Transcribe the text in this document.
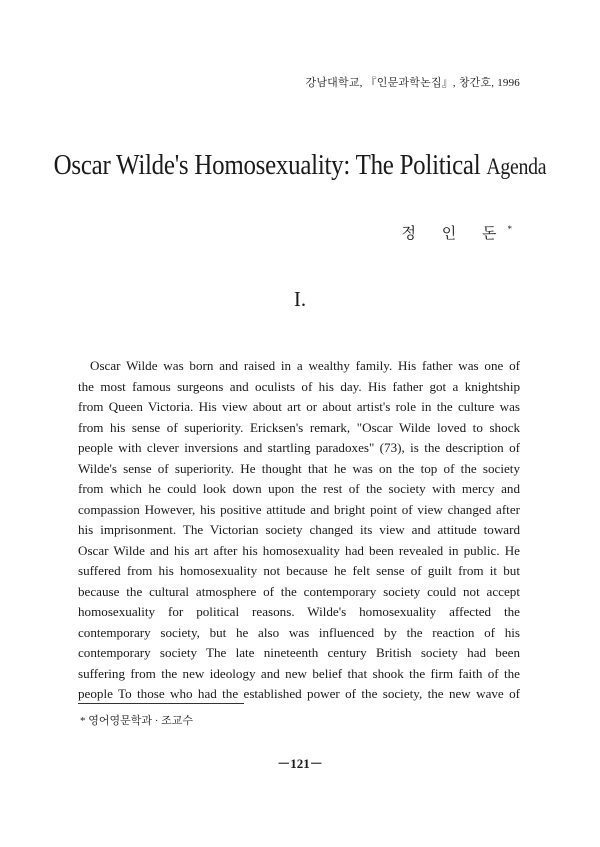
강남대학교, 『인문과학논집』, 창간호, 1996
Oscar Wilde's Homosexuality: The Political Agenda
정 인 돈*
I.
Oscar Wilde was born and raised in a wealthy family. His father was one of
the most famous surgeons and oculists of his day. His father got a knightship
from Queen Victoria. His view about art or about artist's role in the culture was
from his sense of superiority. Ericksen's remark, "Oscar Wilde loved to shock
people with clever inversions and startling paradoxes" (73), is the description of
Wilde's sense of superiority. He thought that he was on the top of the society
from which he could look down upon the rest of the society with mercy and
compassion However, his positive attitude and bright point of view changed after
his imprisonment. The Victorian society changed its view and attitude toward
Oscar Wilde and his art after his homosexuality had been revealed in public. He
suffered from his homosexuality not because he felt sense of guilt from it but
because the cultural atmosphere of the contemporary society could not accept
homosexuality for political reasons. Wilde's homosexuality affected the
contemporary society, but he also was influenced by the reaction of his
contemporary society The late nineteenth century British society had been
suffering from the new ideology and new belief that shook the firm faith of the
people To those who had the established power of the society, the new wave of
* 영어영문학과 · 조교수
－121－
